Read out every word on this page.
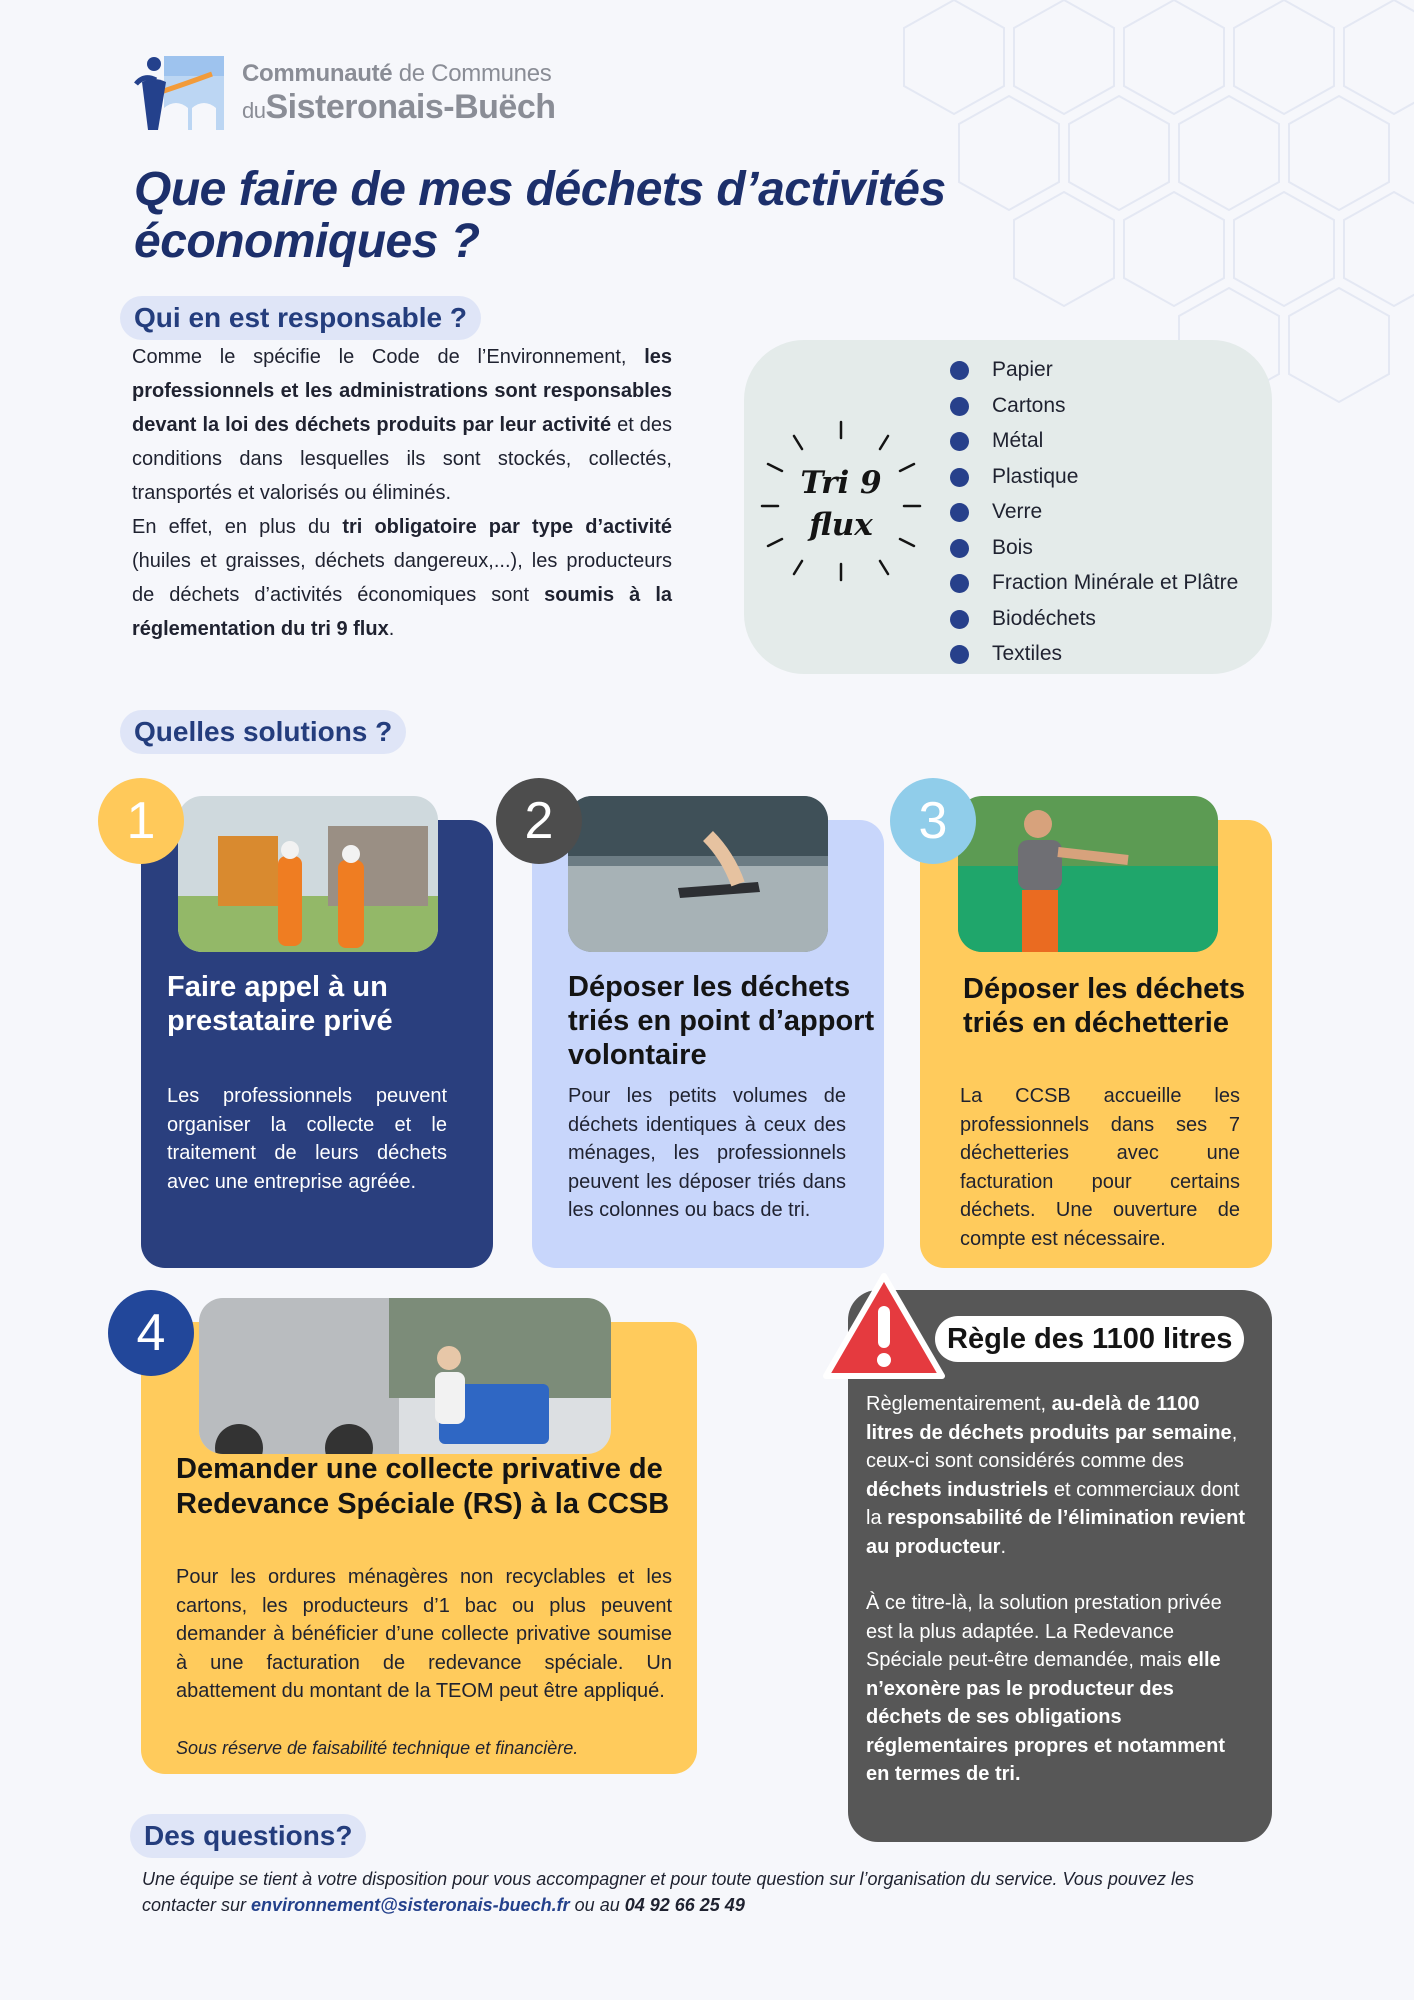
Communauté de Communes
duSisteronais-Buëch
Que faire de mes déchets d’activités
économiques ?
Qui en est responsable ?

Comme le spécifie le Code de l’Environnement, les professionnels et les administrations sont responsables devant la loi des déchets produits par leur activité et des conditions dans lesquelles ils sont stockés, collectés, transportés et valorisés ou éliminés.

En effet, en plus du tri obligatoire par type d’activité (huiles et graisses, déchets dangereux,...), les producteurs de déchets d’activités économiques sont soumis à la réglementation du tri 9 flux.

Tri 9
flux
Papier
Cartons
Métal
Plastique
Verre
Bois
Fraction Minérale et Plâtre
Biodéchets
Textiles
Quelles solutions ?
1
Faire appel à un prestataire privé
Les professionnels peuvent organiser la collecte et le traitement de leurs déchets avec une entreprise agréée.
2
Déposer les déchets triés en point d’apport volontaire
Pour les petits volumes de déchets identiques à ceux des ménages, les professionnels peuvent les déposer triés dans les colonnes ou bacs de tri.
3
Déposer les déchets triés en déchetterie
La CCSB accueille les professionnels dans ses 7 déchetteries avec une facturation pour certains déchets. Une ouverture de compte est nécessaire.
4
Demander une collecte privative de Redevance Spéciale (RS) à la CCSB
Pour les ordures ménagères non recyclables et les cartons, les producteurs d’1 bac ou plus peuvent demander à bénéficier d’une collecte privative soumise à une facturation de redevance spéciale. Un abattement du montant de la TEOM peut être appliqué.
Sous réserve de faisabilité technique et financière.
Règle des 1100 litres

Règlementairement, au-delà de 1100 litres de déchets produits par semaine, ceux-ci sont considérés comme des déchets industriels et commerciaux dont la responsabilité de l’élimination revient au producteur.

À ce titre-là, la solution prestation privée est la plus adaptée. La Redevance Spéciale peut-être demandée, mais elle n’exonère pas le producteur des déchets de ses obligations réglementaires propres et notamment en termes de tri.

Des questions?
Une équipe se tient à votre disposition pour vous accompagner et pour toute question sur l’organisation du service. Vous pouvez les contacter sur environnement@sisteronais-buech.fr ou au 04 92 66 25 49
